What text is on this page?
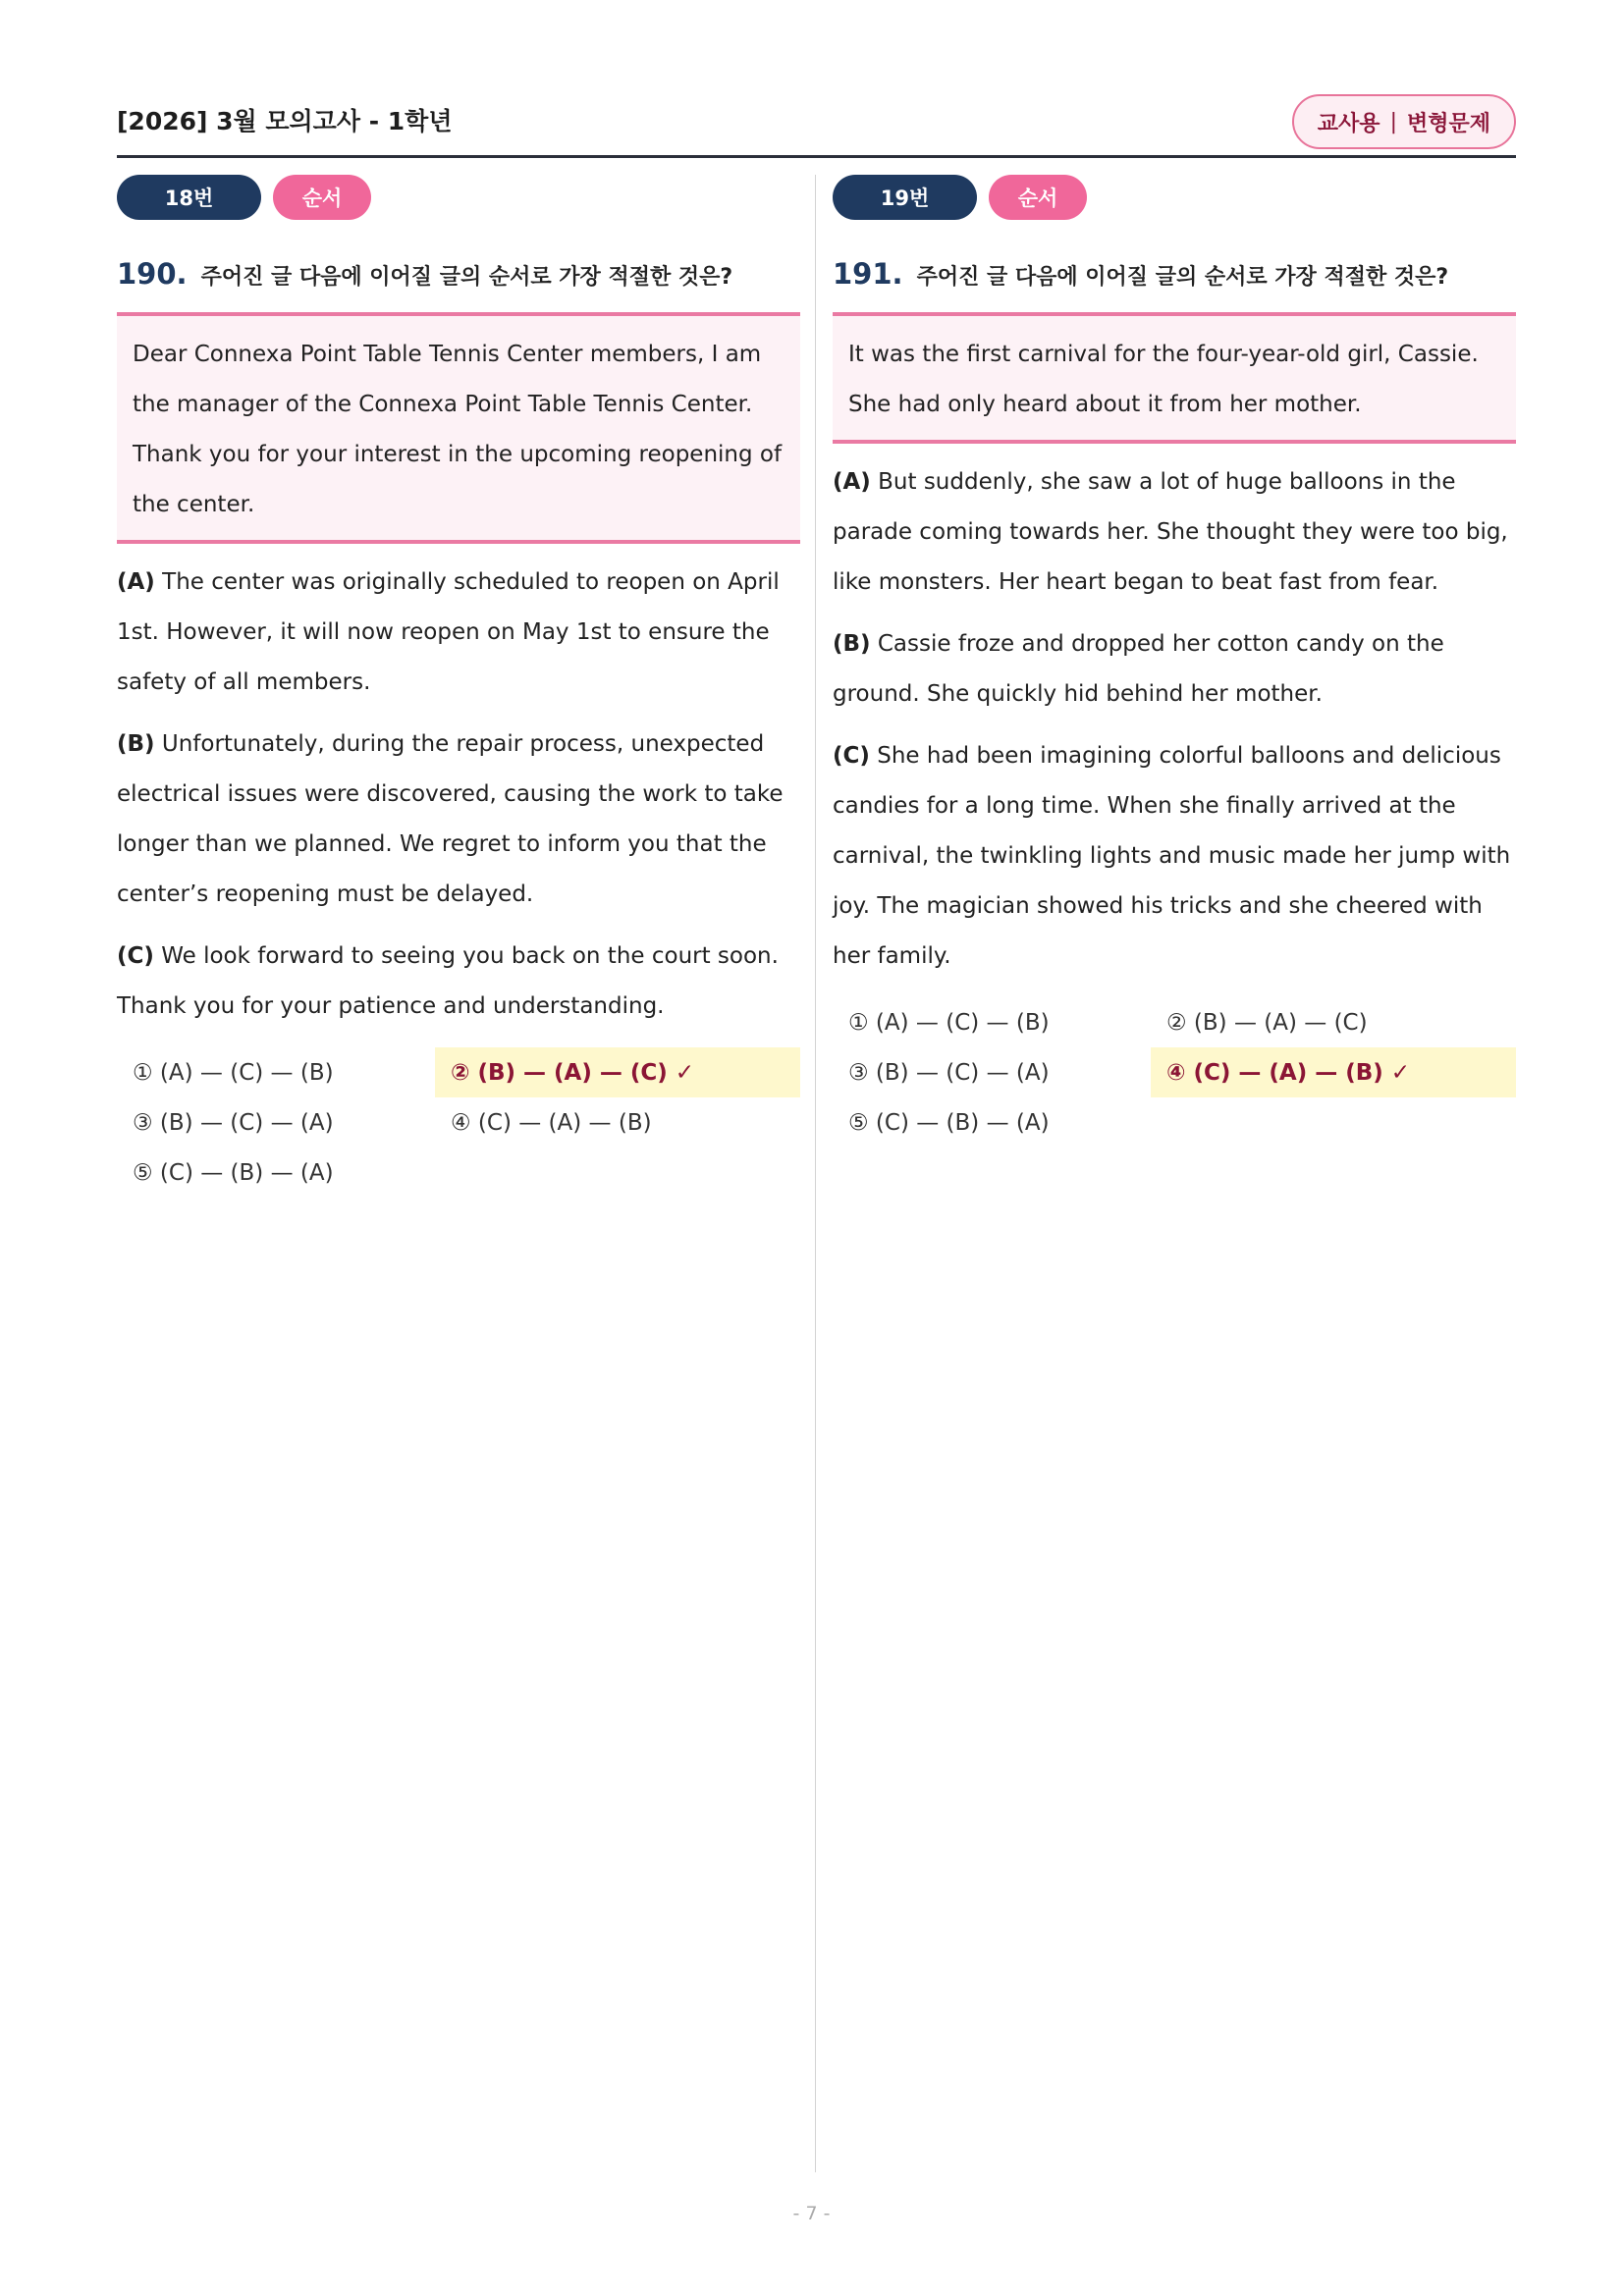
[2026] 3월 모의고사 - 1학년	교사용 | 변형문제
18번	순서
190. 주어진 글 다음에 이어질 글의 순서로 가장 적절한 것은?
Dear Connexa Point Table Tennis Center members, I am the manager of the Connexa Point Table Tennis Center. Thank you for your interest in the upcoming reopening of the center.
(A) The center was originally scheduled to reopen on April 1st. However, it will now reopen on May 1st to ensure the safety of all members.
(B) Unfortunately, during the repair process, unexpected electrical issues were discovered, causing the work to take longer than we planned. We regret to inform you that the center’s reopening must be delayed.
(C) We look forward to seeing you back on the court soon. Thank you for your patience and understanding.
① (A) — (C) — (B)	② (B) — (A) — (C) ✓
③ (B) — (C) — (A)	④ (C) — (A) — (B)
⑤ (C) — (B) — (A)
19번	순서
191. 주어진 글 다음에 이어질 글의 순서로 가장 적절한 것은?
It was the first carnival for the four-year-old girl, Cassie. She had only heard about it from her mother.
(A) But suddenly, she saw a lot of huge balloons in the parade coming towards her. She thought they were too big, like monsters. Her heart began to beat fast from fear.
(B) Cassie froze and dropped her cotton candy on the ground. She quickly hid behind her mother.
(C) She had been imagining colorful balloons and delicious candies for a long time. When she finally arrived at the carnival, the twinkling lights and music made her jump with joy. The magician showed his tricks and she cheered with her family.
① (A) — (C) — (B)	② (B) — (A) — (C)
③ (B) — (C) — (A)	④ (C) — (A) — (B) ✓
⑤ (C) — (B) — (A)
- 7 -
